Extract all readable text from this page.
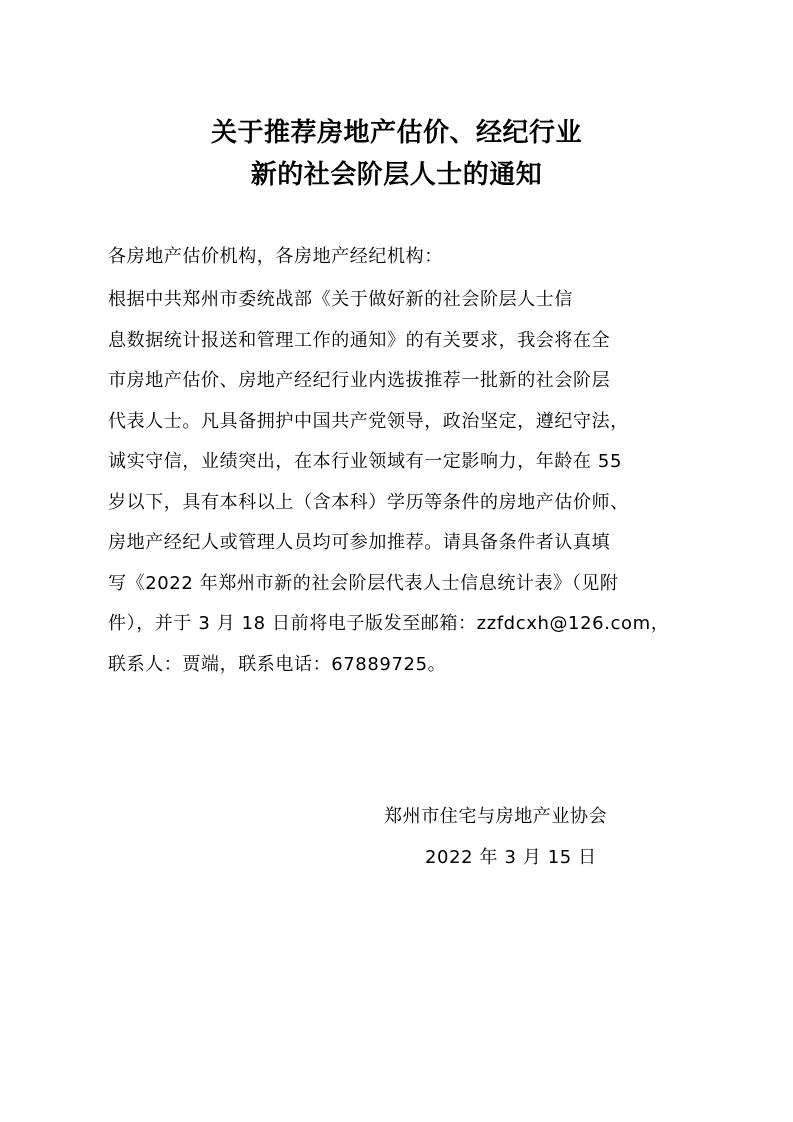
关于推荐房地产估价、经纪行业
新的社会阶层人士的通知
各房地产估价机构，各房地产经纪机构：
根据中共郑州市委统战部《关于做好新的社会阶层人士信
息数据统计报送和管理工作的通知》的有关要求，我会将在全
市房地产估价、房地产经纪行业内选拔推荐一批新的社会阶层
代表人士。凡具备拥护中国共产党领导，政治坚定，遵纪守法，
诚实守信，业绩突出，在本行业领域有一定影响力，年龄在 55
岁以下，具有本科以上（含本科）学历等条件的房地产估价师、
房地产经纪人或管理人员均可参加推荐。请具备条件者认真填
写《2022 年郑州市新的社会阶层代表人士信息统计表》（见附
件），并于 3 月 18 日前将电子版发至邮箱：zzfdcxh@126.com，
联系人：贾端，联系电话：67889725。
郑州市住宅与房地产业协会
2022 年 3 月 15 日
